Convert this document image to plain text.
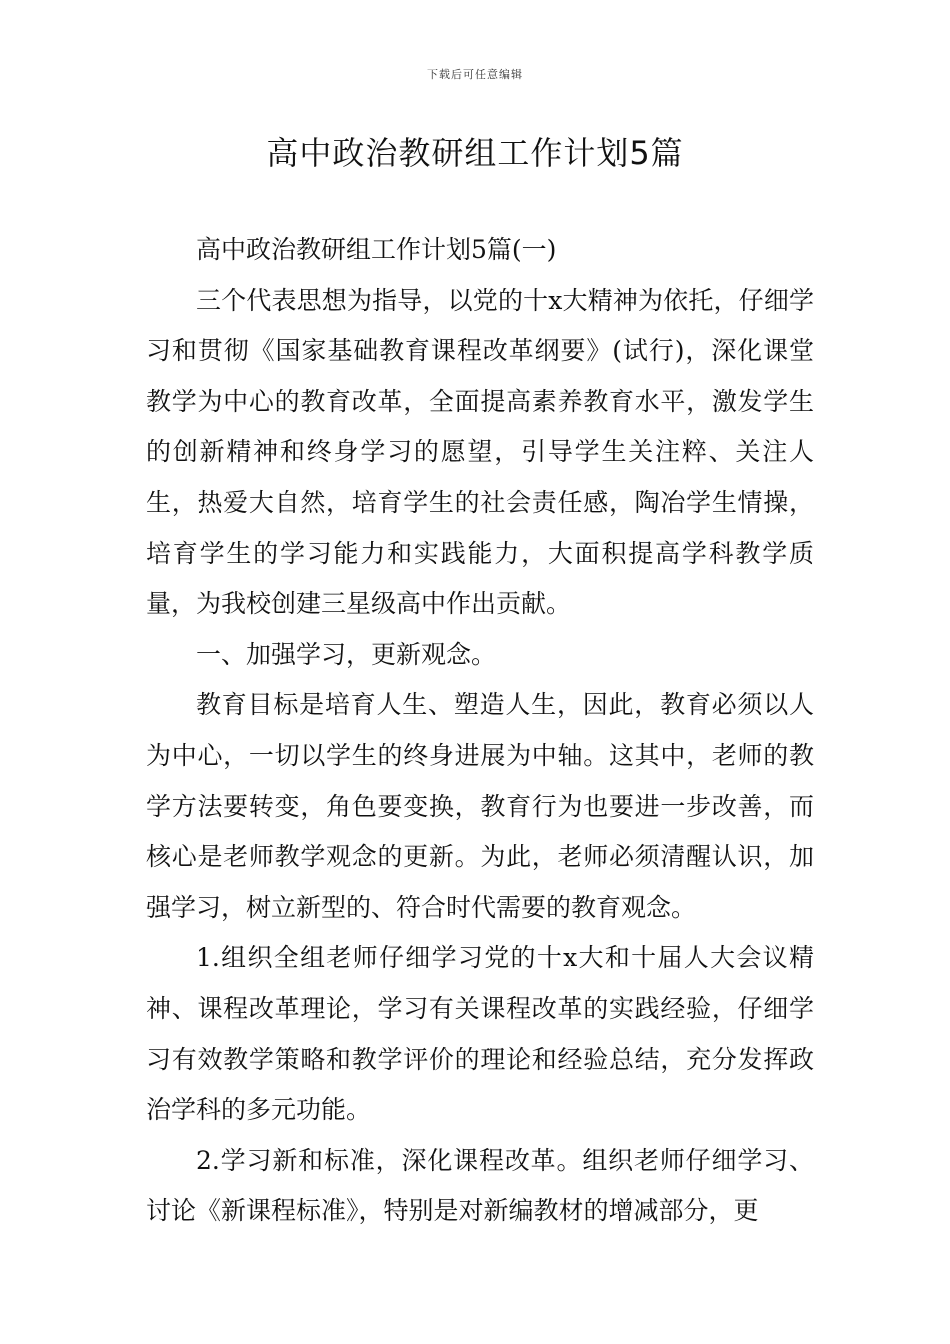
下载后可任意编辑
高中政治教研组工作计划5篇

高中政治教研组工作计划5篇(一)

三个代表思想为指导，以党的十x大精神为依托，仔细学习和贯彻《国家基础教育课程改革纲要》(试行)，深化课堂教学为中心的教育改革，全面提高素养教育水平，激发学生的创新精神和终身学习的愿望，引导学生关注粹、关注人生，热爱大自然，培育学生的社会责任感，陶冶学生情操，培育学生的学习能力和实践能力，大面积提高学科教学质量，为我校创建三星级高中作出贡献。

一、加强学习，更新观念。

教育目标是培育人生、塑造人生，因此，教育必须以人为中心，一切以学生的终身进展为中轴。这其中，老师的教学方法要转变，角色要变换，教育行为也要进一步改善，而核心是老师教学观念的更新。为此，老师必须清醒认识，加强学习，树立新型的、符合时代需要的教育观念。

1.组织全组老师仔细学习党的十x大和十届人大会议精神、课程改革理论，学习有关课程改革的实践经验，仔细学习有效教学策略和教学评价的理论和经验总结，充分发挥政治学科的多元功能。

2.学习新和标准，深化课程改革。组织老师仔细学习、讨论《新课程标准》，特别是对新编教材的增减部分，更
